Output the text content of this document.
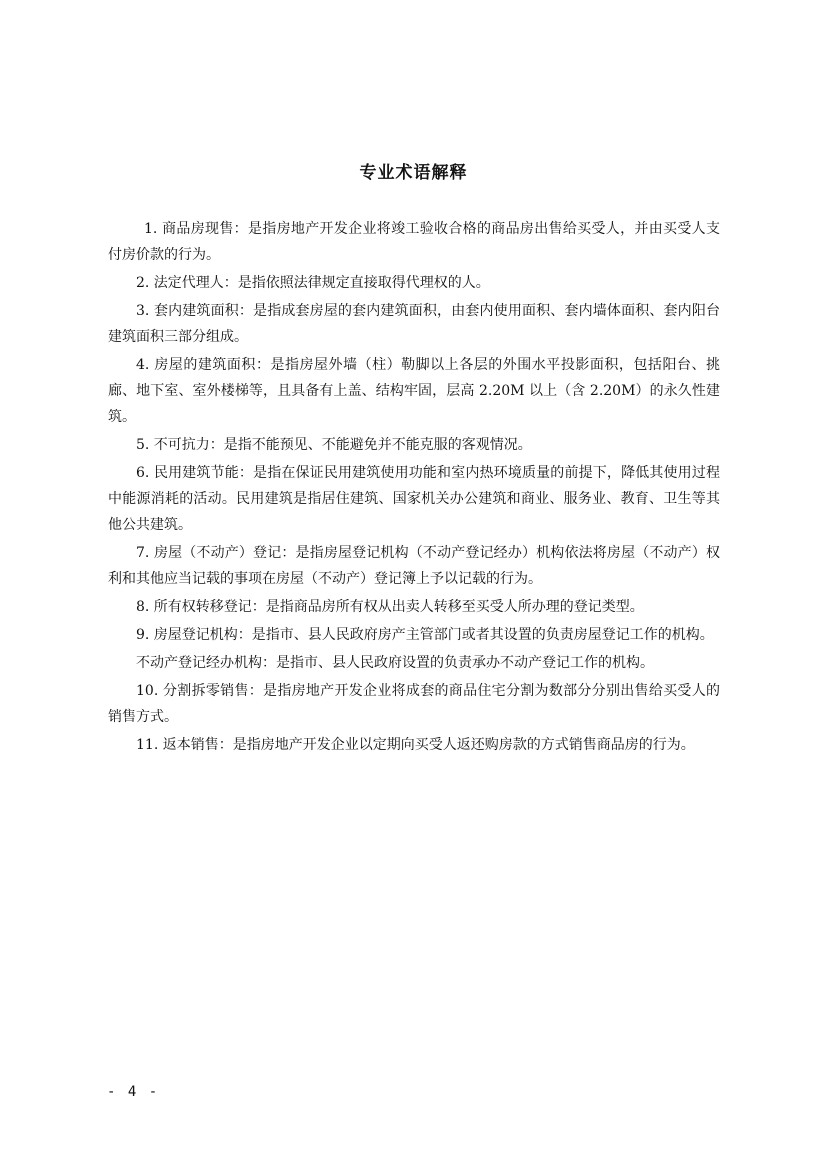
专业术语解释

1. 商品房现售：是指房地产开发企业将竣工验收合格的商品房出售给买受人，并由买受人支付房价款的行为。

2. 法定代理人：是指依照法律规定直接取得代理权的人。

3. 套内建筑面积：是指成套房屋的套内建筑面积，由套内使用面积、套内墙体面积、套内阳台建筑面积三部分组成。

4. 房屋的建筑面积：是指房屋外墙（柱）勒脚以上各层的外围水平投影面积，包括阳台、挑廊、地下室、室外楼梯等，且具备有上盖、结构牢固，层高 2.20M 以上（含 2.20M）的永久性建筑。

5. 不可抗力：是指不能预见、不能避免并不能克服的客观情况。

6. 民用建筑节能：是指在保证民用建筑使用功能和室内热环境质量的前提下，降低其使用过程中能源消耗的活动。民用建筑是指居住建筑、国家机关办公建筑和商业、服务业、教育、卫生等其他公共建筑。

7. 房屋（不动产）登记：是指房屋登记机构（不动产登记经办）机构依法将房屋（不动产）权利和其他应当记载的事项在房屋（不动产）登记簿上予以记载的行为。

8. 所有权转移登记：是指商品房所有权从出卖人转移至买受人所办理的登记类型。

9. 房屋登记机构：是指市、县人民政府房产主管部门或者其设置的负责房屋登记工作的机构。

不动产登记经办机构：是指市、县人民政府设置的负责承办不动产登记工作的机构。

10. 分割拆零销售：是指房地产开发企业将成套的商品住宅分割为数部分分别出售给买受人的销售方式。

11. 返本销售：是指房地产开发企业以定期向买受人返还购房款的方式销售商品房的行为。

- 4 -
